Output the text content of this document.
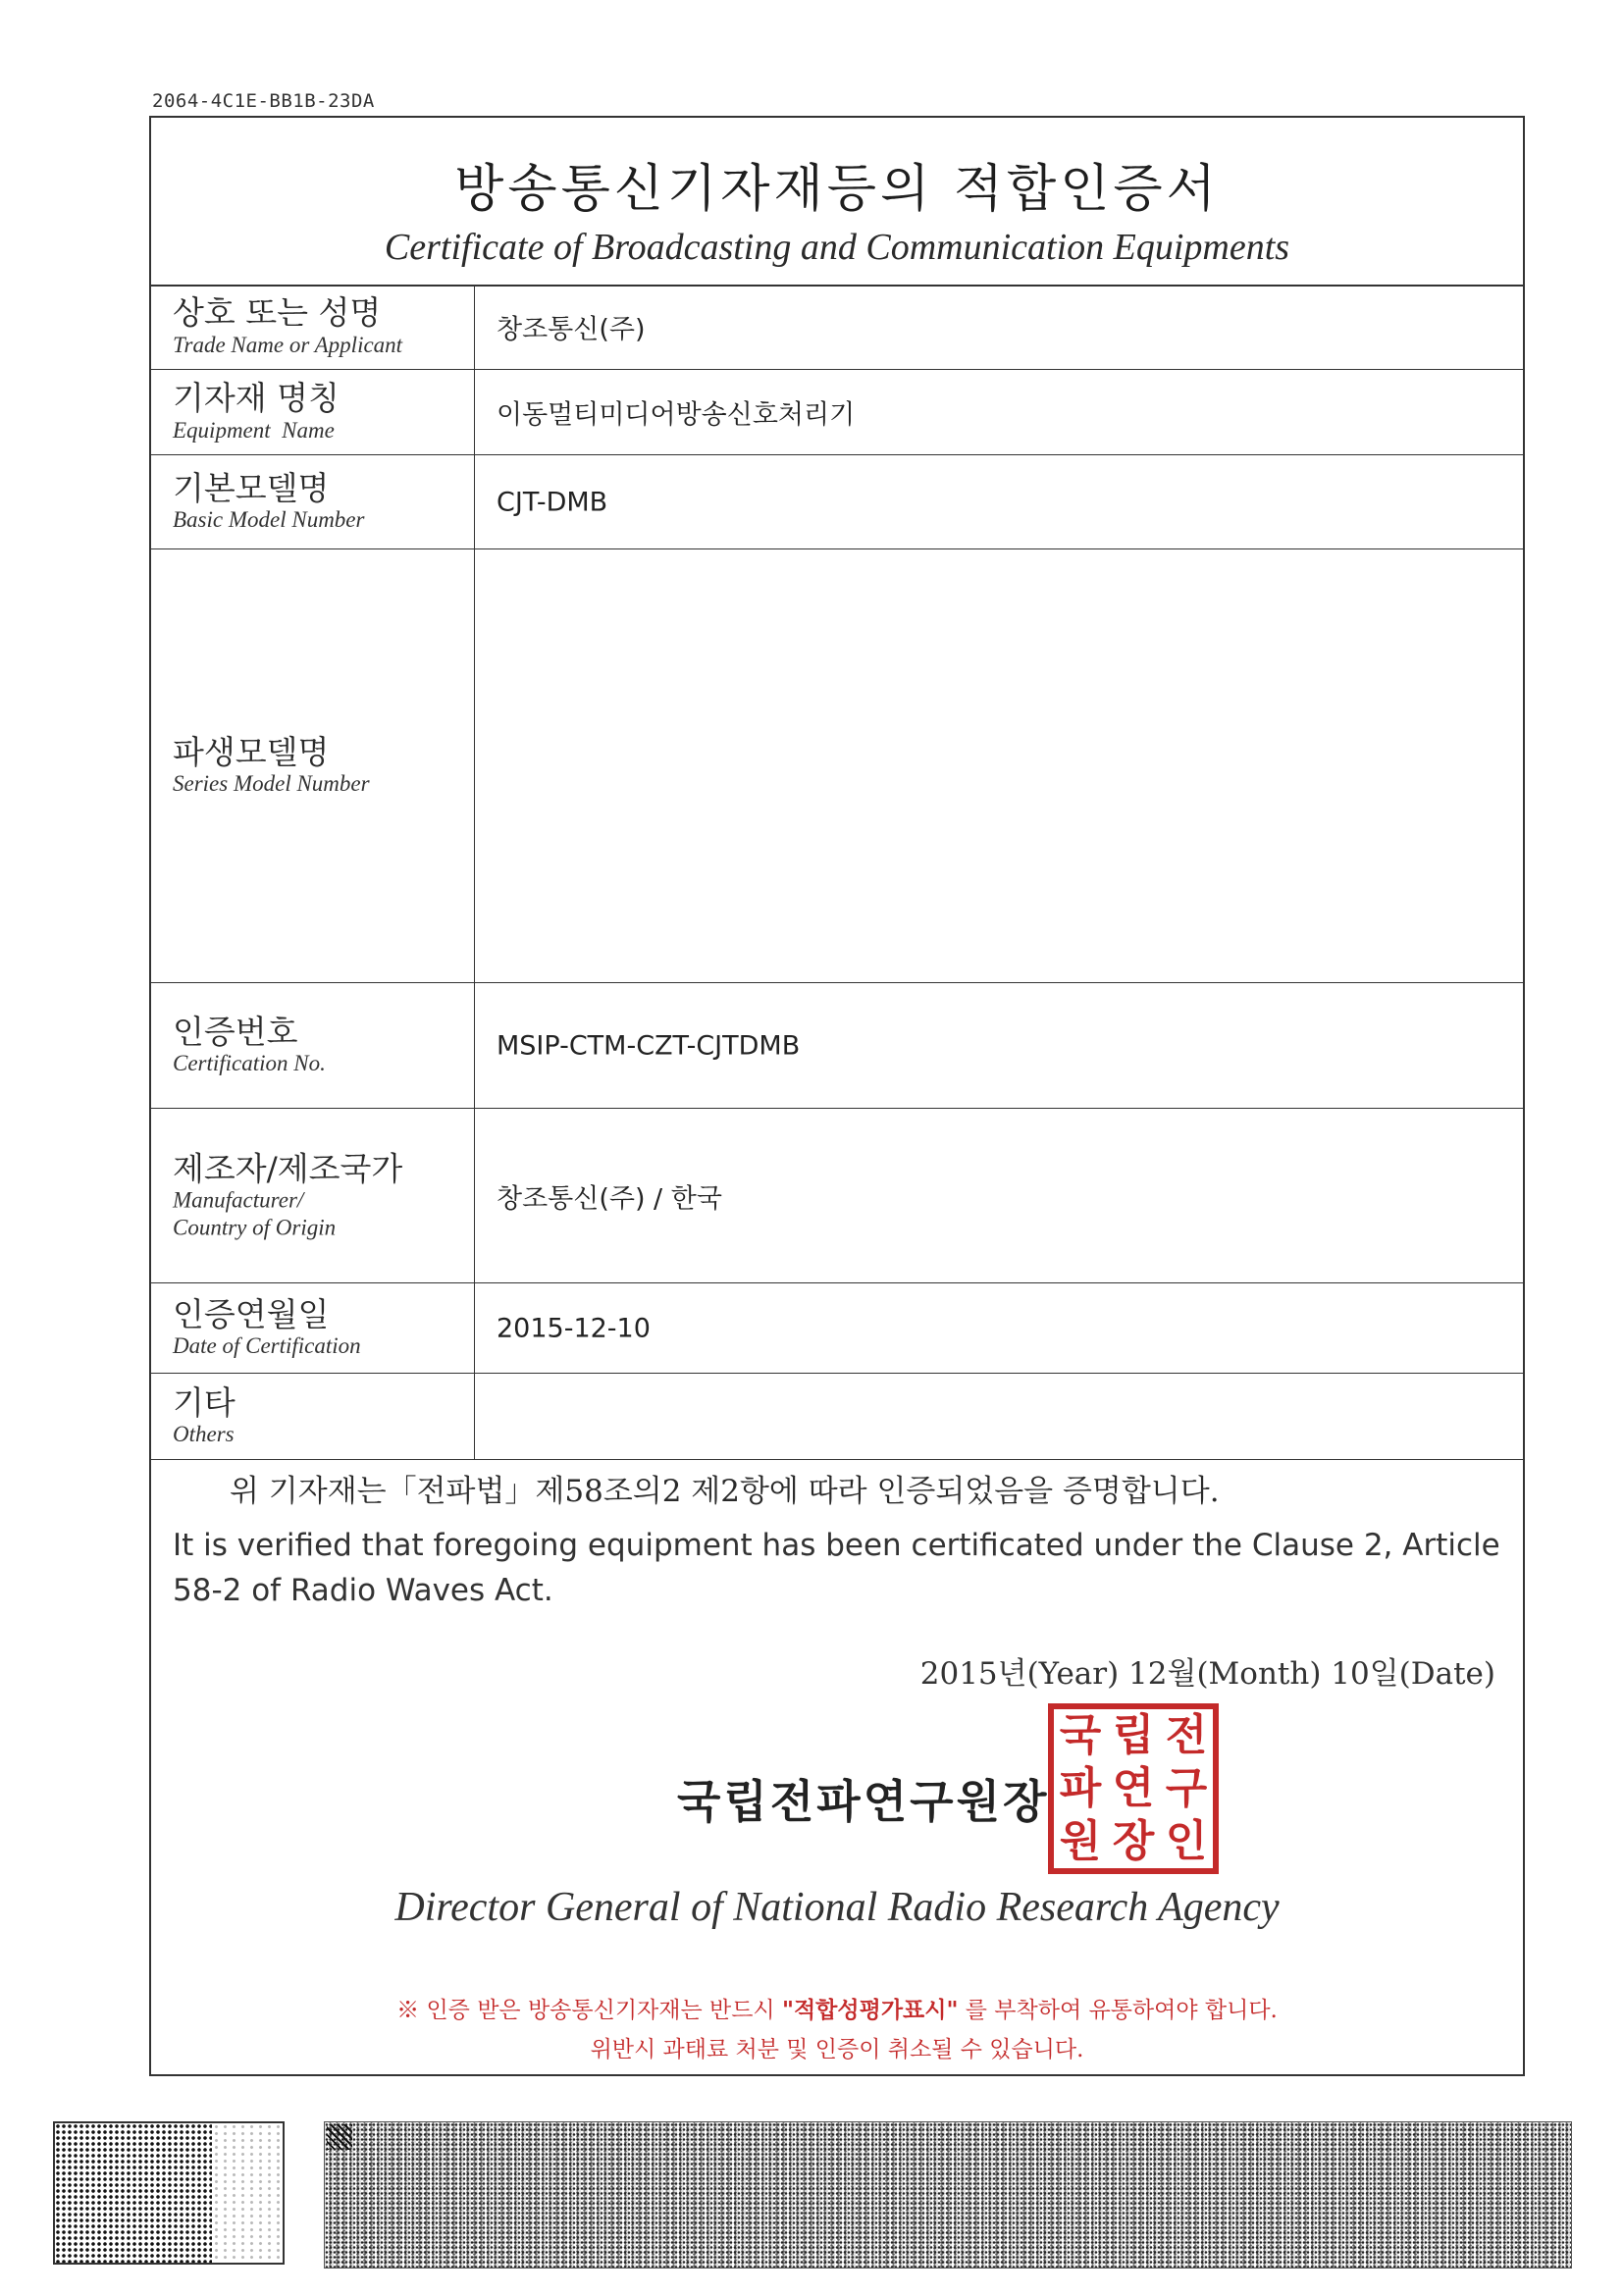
2064-4C1E-BB1B-23DA
방송통신기자재등의 적합인증서
Certificate of Broadcasting and Communication Equipments
상호 또는 성명
Trade Name or Applicant
창조통신(주)
기자재 명칭
Equipment  Name
이동멀티미디어방송신호처리기
기본모델명
Basic Model Number
CJT-DMB
파생모델명
Series Model Number
인증번호
Certification No.
MSIP-CTM-CZT-CJTDMB
제조자/제조국가
Manufacturer/
Country of Origin
창조통신(주) / 한국
인증연월일
Date of Certification
2015-12-10
기타
Others
위 기자재는「전파법」제58조의2 제2항에 따라 인증되었음을 증명합니다.
It is verified that foregoing equipment has been certificated under the Clause 2, Article 58-2 of Radio Waves Act.
2015년(Year) 12월(Month) 10일(Date)
국립전파연구원장
국 립 전
파 연 구
원 장 인
Director General of National Radio Research Agency
※ 인증 받은 방송통신기자재는 반드시 "적합성평가표시" 를 부착하여 유통하여야 합니다.
위반시 과태료 처분 및 인증이 취소될 수 있습니다.
